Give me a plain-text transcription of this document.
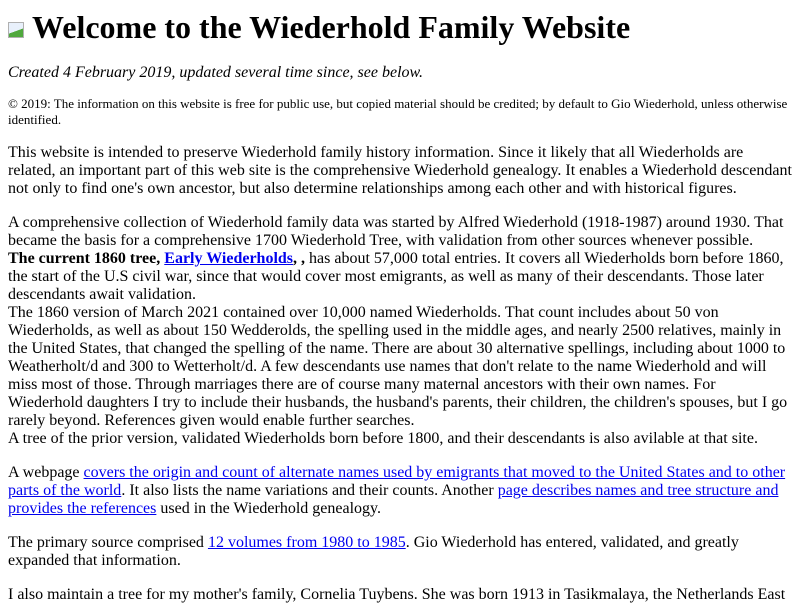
Welcome to the Wiederhold Family Website

Created 4 February 2019, updated several time since, see below.

© 2019: The information on this website is free for public use, but copied material should be credited; by default to Gio Wiederhold, unless otherwise identified.

This website is intended to preserve Wiederhold family history information. Since it likely that all Wiederholds are related, an important part of this web site is the comprehensive Wiederhold genealogy. It enables a Wiederhold descendant not only to find one's own ancestor, but also determine relationships among each other and with historical figures.

A comprehensive collection of Wiederhold family data was started by Alfred Wiederhold (1918-1987) around 1930. That became the basis for a comprehensive 1700 Wiederhold Tree, with validation from other sources whenever possible.

The current 1860 tree, Early Wiederholds, , has about 57,000 total entries. It covers all Wiederholds born before 1860, the start of the U.S civil war, since that would cover most emigrants, as well as many of their descendants. Those later descendants await validation.

The 1860 version of March 2021 contained over 10,000 named Wiederholds. That count includes about 50 von Wiederholds, as well as about 150 Wedderolds, the spelling used in the middle ages, and nearly 2500 relatives, mainly in the United States, that changed the spelling of the name. There are about 30 alternative spellings, including about 1000 to Weatherholt/d and 300 to Wetterholt/d. A few descendants use names that don't relate to the name Wiederhold and will miss most of those. Through marriages there are of course many maternal ancestors with their own names. For Wiederhold daughters I try to include their husbands, the husband's parents, their children, the children's spouses, but I go rarely beyond. References given would enable further searches.

A tree of the prior version, validated Wiederholds born before 1800, and their descendants is also avilable at that site.

A webpage covers the origin and count of alternate names used by emigrants that moved to the United States and to other parts of the world. It also lists the name variations and their counts. Another page describes names and tree structure and provides the references used in the Wiederhold genealogy.

The primary source comprised 12 volumes from 1980 to 1985. Gio Wiederhold has entered, validated, and greatly expanded that information.

I also maintain a tree for my mother's family, Cornelia Tuybens. She was born 1913 in Tasikmalaya, the Netherlands East
